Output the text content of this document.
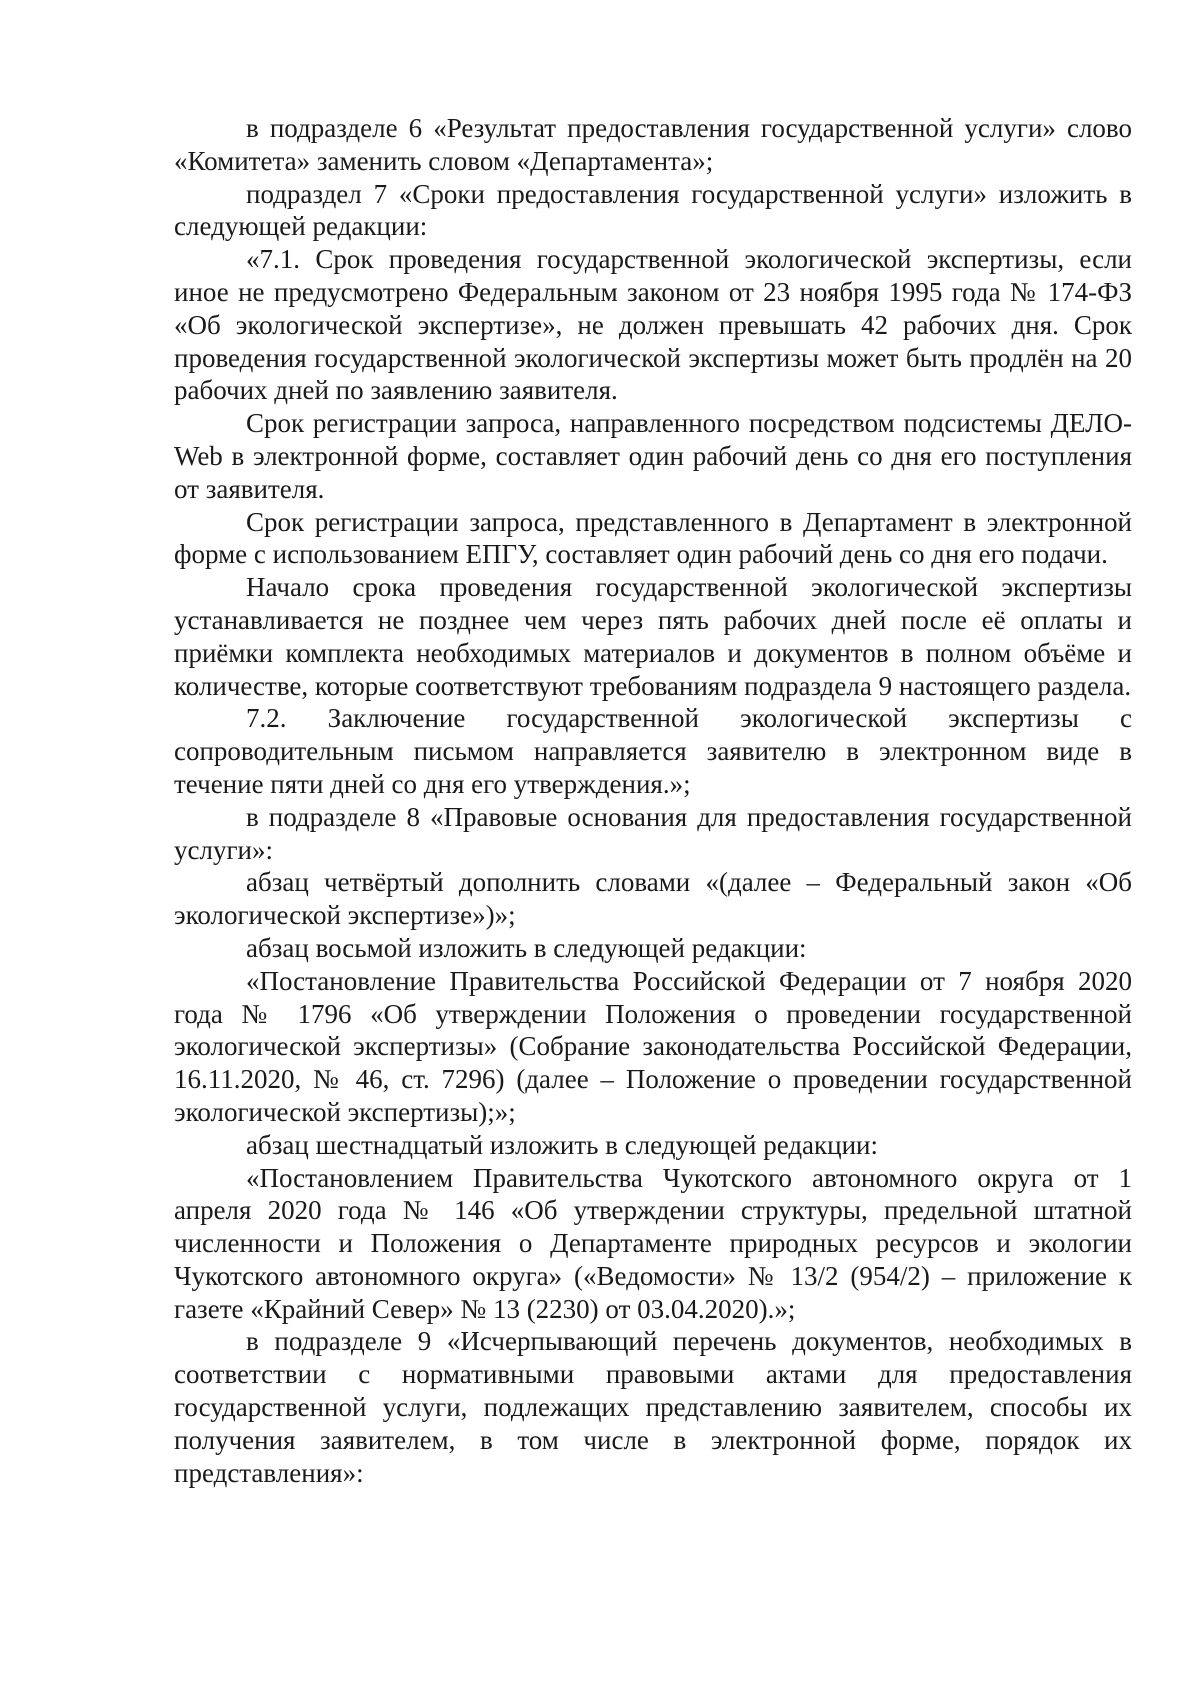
в подразделе 6 «Результат предоставления государственной услуги» слово «Комитета» заменить словом «Департамента»;

подраздел 7 «Сроки предоставления государственной услуги» изложить в следующей редакции:

«7.1. Срок проведения государственной экологической экспертизы, если иное не предусмотрено Федеральным законом от 23 ноября 1995 года № 174-ФЗ «Об экологической экспертизе», не должен превышать 42 рабочих дня. Срок проведения государственной экологической экспертизы может быть продлён на 20 рабочих дней по заявлению заявителя.

Срок регистрации запроса, направленного посредством подсистемы ДЕЛО-Web в электронной форме, составляет один рабочий день со дня его поступления от заявителя.

Срок регистрации запроса, представленного в Департамент в электронной форме с использованием ЕПГУ, составляет один рабочий день со дня его подачи.

Начало срока проведения государственной экологической экспертизы устанавливается не позднее чем через пять рабочих дней после её оплаты и приёмки комплекта необходимых материалов и документов в полном объёме и количестве, которые соответствуют требованиям подраздела 9 настоящего раздела.

7.2. Заключение государственной экологической экспертизы с сопроводительным письмом направляется заявителю в электронном виде в течение пяти дней со дня его утверждения.»;

в подразделе 8 «Правовые основания для предоставления государственной услуги»:

абзац четвёртый дополнить словами «(далее – Федеральный закон «Об экологической экспертизе»)»;

абзац восьмой изложить в следующей редакции:

«Постановление Правительства Российской Федерации от 7 ноября 2020 года № 1796 «Об утверждении Положения о проведении государственной экологической экспертизы» (Собрание законодательства Российской Федерации, 16.11.2020, № 46, ст. 7296) (далее – Положение о проведении государственной экологической экспертизы);»;

абзац шестнадцатый изложить в следующей редакции:

«Постановлением Правительства Чукотского автономного округа от 1 апреля 2020 года № 146 «Об утверждении структуры, предельной штатной численности и Положения о Департаменте природных ресурсов и экологии Чукотского автономного округа» («Ведомости» № 13/2 (954/2) – приложение к газете «Крайний Север» № 13 (2230) от 03.04.2020).»;

в подразделе 9 «Исчерпывающий перечень документов, необходимых в соответствии с нормативными правовыми актами для предоставления государственной услуги, подлежащих представлению заявителем, способы их получения заявителем, в том числе в электронной форме, порядок их представления»:
